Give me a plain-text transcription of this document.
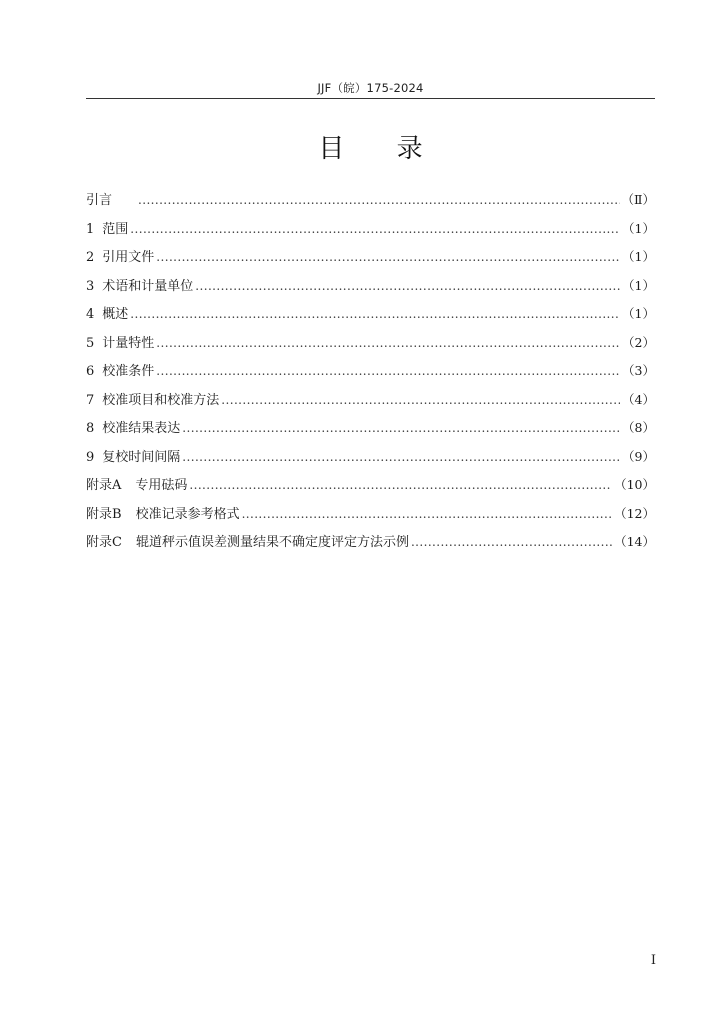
JJF（皖）175-2024
目 录
引言 .....	（Ⅱ）
1 范围 .....	（1）
2 引用文件 .....	（1）
3 术语和计量单位 .....	（1）
4 概述 .....	（1）
5 计量特性 .....	（2）
6 校准条件 .....	（3）
7 校准项目和校准方法 .....	（4）
8 校准结果表达 .....	（8）
9 复校时间间隔 .....	（9）
附录A 专用砝码 .....	（10）
附录B 校准记录参考格式 .....	（12）
附录C 辊道秤示值误差测量结果不确定度评定方法示例 .....	（14）
I
